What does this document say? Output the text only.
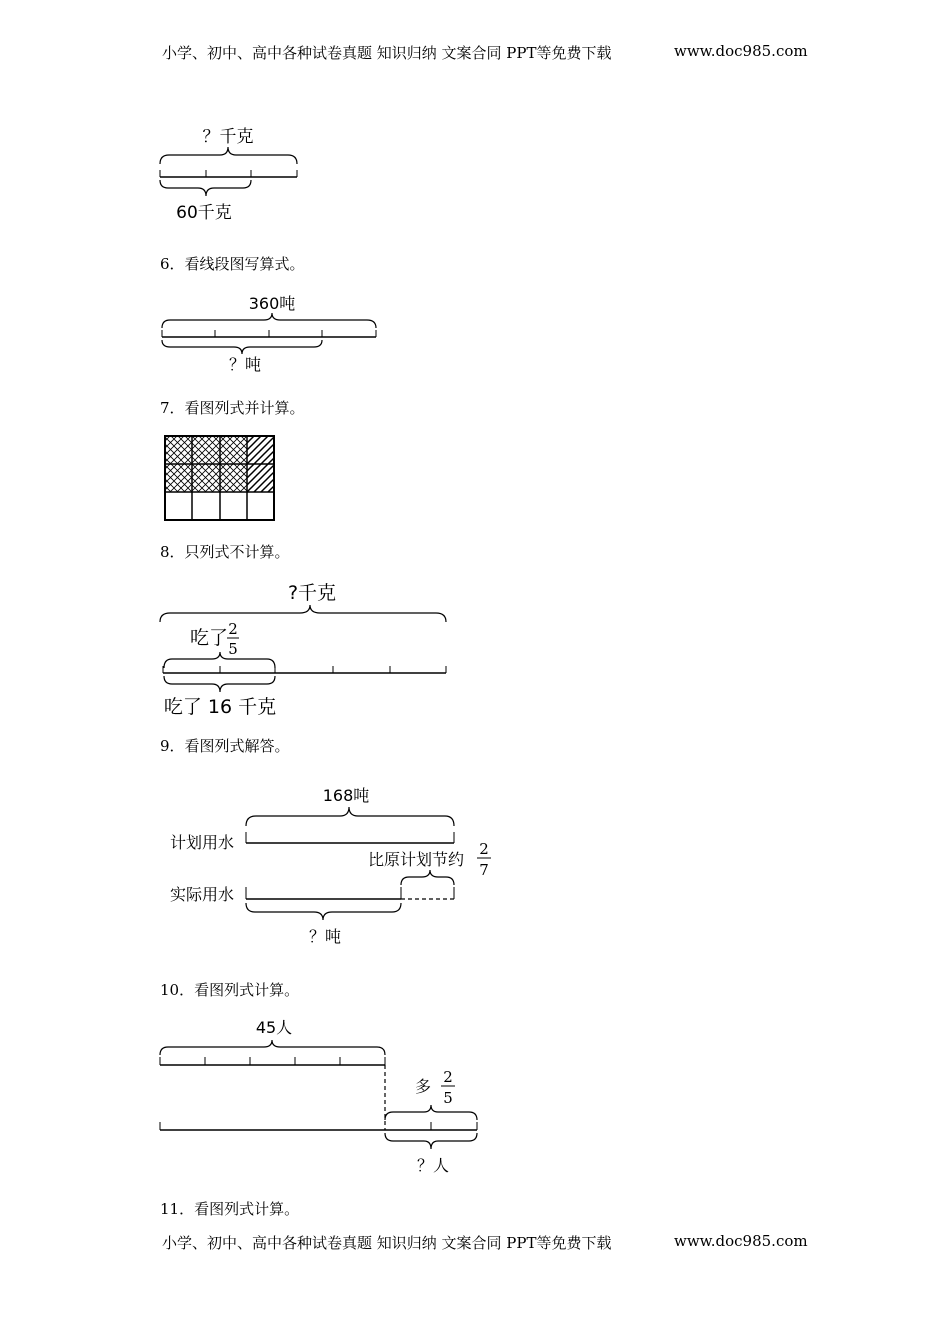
小学、初中、高中各种试卷真题 知识归纳 文案合同 PPT等免费下载	www.doc985.com
？千克
60千克
6．看线段图写算式。
360吨
？吨
7．看图列式并计算。
8．只列式不计算。
?千克
吃了 2
5
吃了 16 千克
9．看图列式解答。
168吨
计划用水
比原计划节约
2
7
实际用水
？吨
10．看图列式计算。
45人
多 2
5
？人
11．看图列式计算。
小学、初中、高中各种试卷真题 知识归纳 文案合同 PPT等免费下载	www.doc985.com
